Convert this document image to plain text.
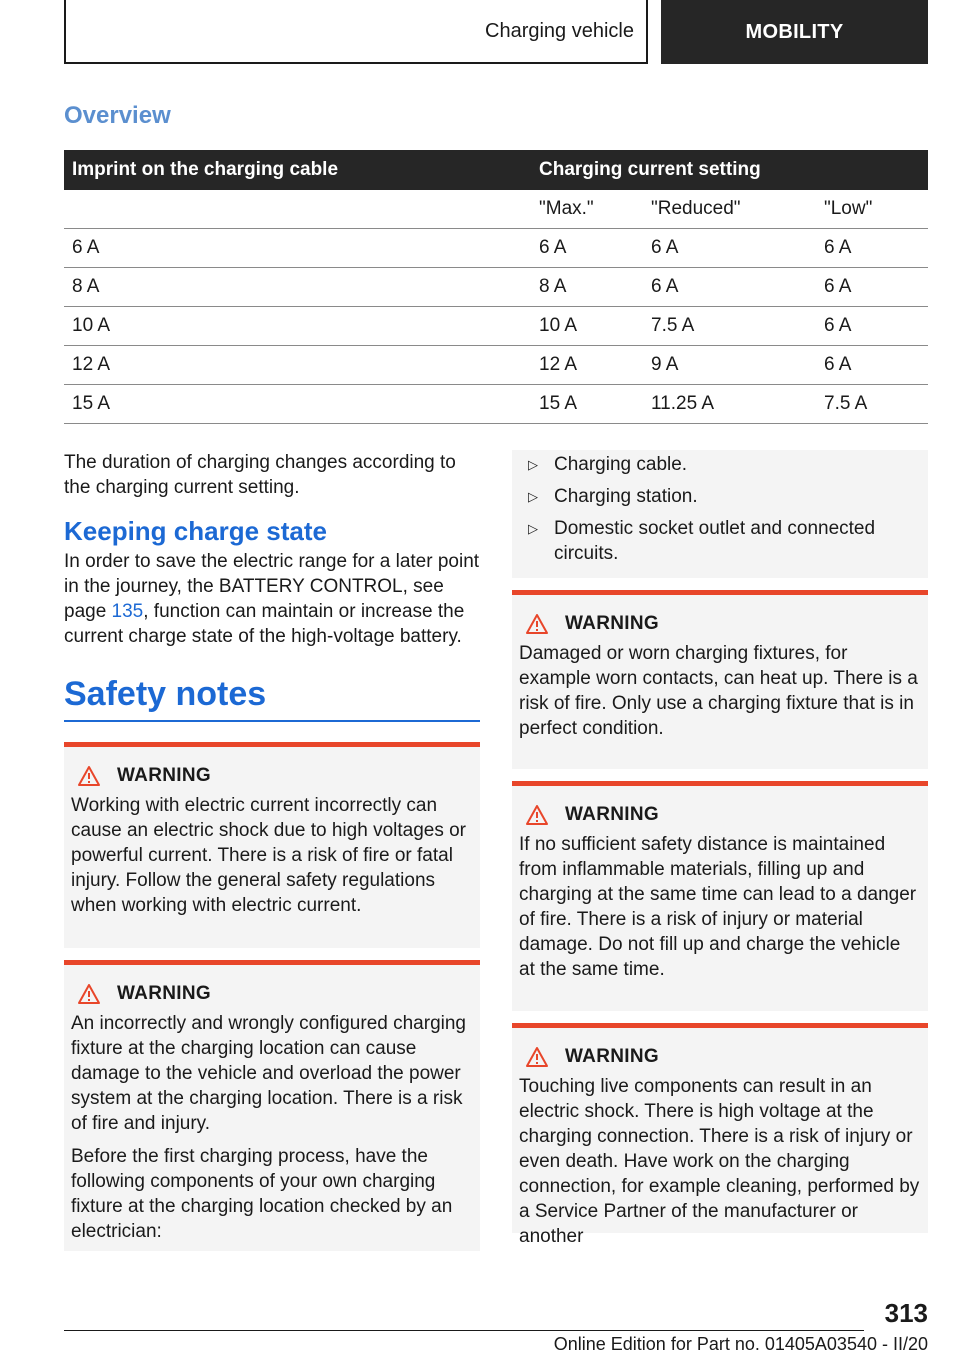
Charging vehicle	MOBILITY
Overview
Imprint on the charging cable	Charging current setting		
	"Max."	"Reduced"	"Low"
6 A	6 A	6 A	6 A
8 A	8 A	6 A	6 A
10 A	10 A	7.5 A	6 A
12 A	12 A	9 A	6 A
15 A	15 A	11.25 A	7.5 A

The duration of charging changes according to the charging current setting.

Keeping charge state

In order to save the electric range for a later point in the journey, the BATTERY CONTROL, see page 135, function can maintain or increase the current charge state of the high-voltage battery.

Safety notes
WARNING

Working with electric current incorrectly can cause an electric shock due to high voltages or powerful current. There is a risk of fire or fatal injury. Follow the general safety regulations when working with electric current.

WARNING

An incorrectly and wrongly configured charging fixture at the charging location can cause damage to the vehicle and overload the power system at the charging location. There is a risk of fire and injury.

Before the first charging process, have the following components of your own charging fixture at the charging location checked by an electrician:

▷ Charging cable.
▷ Charging station.
▷ Domestic socket outlet and connected circuits.
WARNING

Damaged or worn charging fixtures, for example worn contacts, can heat up. There is a risk of fire. Only use a charging fixture that is in perfect condition.

WARNING

If no sufficient safety distance is maintained from inflammable materials, filling up and charging at the same time can lead to a danger of fire. There is a risk of injury or material damage. Do not fill up and charge the vehicle at the same time.

WARNING

Touching live components can result in an electric shock. There is high voltage at the charging connection. There is a risk of injury or even death. Have work on the charging connection, for example cleaning, performed by a Service Partner of the manufacturer or another

313
Online Edition for Part no. 01405A03540 - II/20
